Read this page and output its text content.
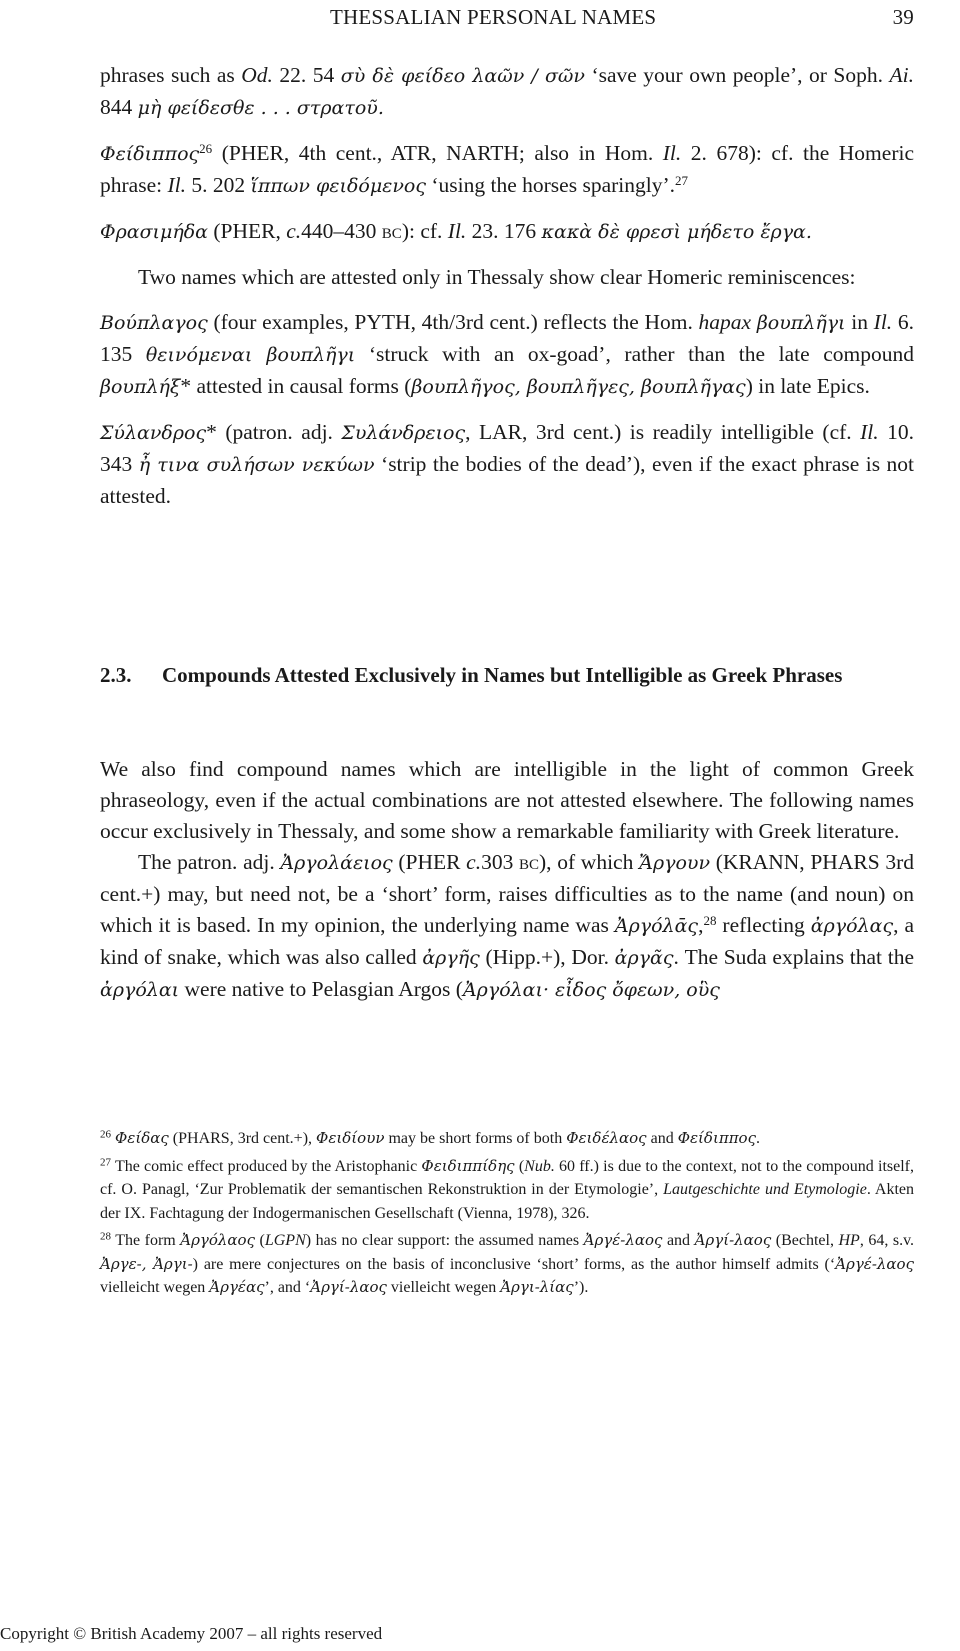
THESSALIAN PERSONAL NAMES	39

phrases such as Od. 22. 54 σὺ δὲ φείδεο λαῶν / σῶν ‘save your own people’, or Soph. Ai. 844 μὴ φείδεσθε . . . στρατοῦ.

Φείδιππος$^{26}$ (PHER, 4th cent., ATR, NARTH; also in Hom. Il. 2. 678): cf. the Homeric phrase: Il. 5. 202 ἵππων φειδόμενος ‘using the horses sparingly’.$^{27}$

Φρασιμήδα (PHER, c.440–430 bc): cf. Il. 23. 176 κακὰ δὲ φρεσὶ μήδετο ἔργα.

Two names which are attested only in Thessaly show clear Homeric reminiscences:

Βούπλαγος (four examples, PYTH, 4th/3rd cent.) reflects the Hom. hapax βουπλῆγι in Il. 6. 135 θεινόμεναι βουπλῆγι ‘struck with an ox-goad’, rather than the late compound βουπλήξ* attested in causal forms (βουπλῆγος, βουπλῆγες, βουπλῆγας) in late Epics.

Σύλανδρος* (patron. adj. Συλάνδρειος, LAR, 3rd cent.) is readily intelligible (cf. Il. 10. 343 ἦ τινα συλήσων νεκύων ‘strip the bodies of the dead’), even if the exact phrase is not attested.

2.3. Compounds Attested Exclusively in Names but Intelligible as Greek Phrases

We also find compound names which are intelligible in the light of common Greek phraseology, even if the actual combinations are not attested elsewhere. The following names occur exclusively in Thessaly, and some show a remarkable familiarity with Greek literature.

The patron. adj. Ἀργολάειος (PHER c.303 bc), of which Ἄργουν (KRANN, PHARS 3rd cent.+) may, but need not, be a ‘short’ form, raises difficulties as to the name (and noun) on which it is based. In my opinion, the underlying name was Ἀργόλᾱς,$^{28}$ reflecting ἀργόλας, a kind of snake, which was also called ἀργῆς (Hipp.+), Dor. ἀργᾶς. The Suda explains that the ἀργόλαι were native to Pelasgian Argos (Ἀργόλαι· εἶδος ὄφεων, οὓς

$^{26}$ Φείδας (PHARS, 3rd cent.+), Φειδίουν may be short forms of both Φειδέλαος and Φείδιππος.

$^{27}$ The comic effect produced by the Aristophanic Φειδιππίδης (Nub. 60 ff.) is due to the context, not to the compound itself, cf. O. Panagl, ‘Zur Problematik der semantischen Rekonstruktion in der Etymologie’, Lautgeschichte und Etymologie. Akten der IX. Fachtagung der Indogermanischen Gesellschaft (Vienna, 1978), 326.

$^{28}$ The form Ἀργόλαος (LGPN) has no clear support: the assumed names Ἀργέ-λαος and Ἀργί-λαος (Bechtel, HP, 64, s.v. Ἀργε-, Ἀργι-) are mere conjectures on the basis of inconclusive ‘short’ forms, as the author himself admits (‘Ἀργέ-λαος vielleicht wegen Ἀργέας’, and ‘Ἀργί-λαος vielleicht wegen Ἀργι-λίας’).

Copyright © British Academy 2007 – all rights reserved
